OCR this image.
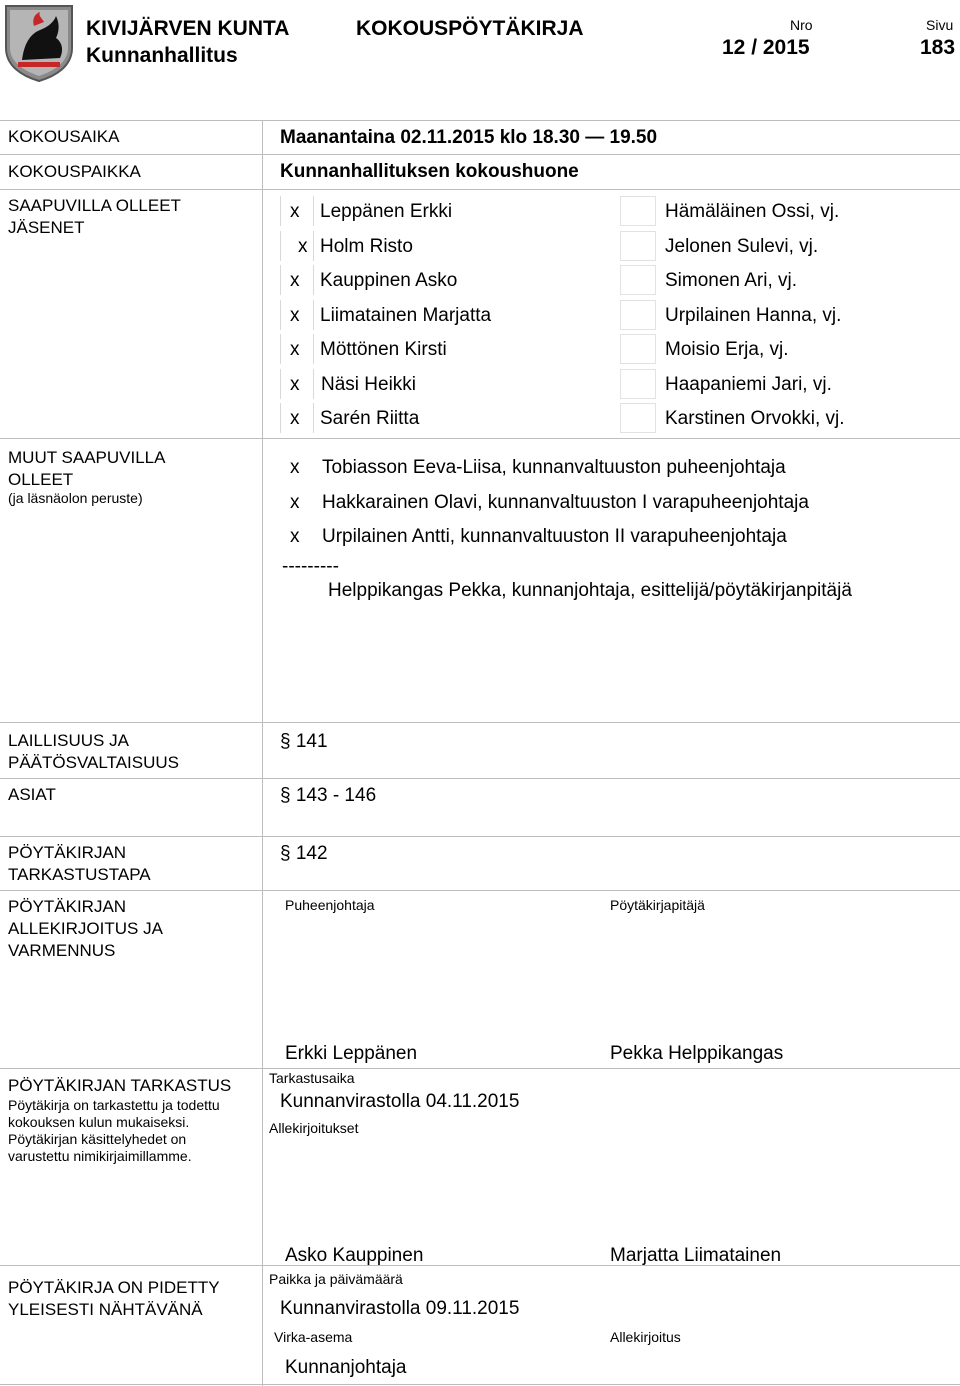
KIVIJÄRVEN KUNTA
Kunnanhallitus
KOKOUSPÖYTÄKIRJA	Nro
12 / 2015
Sivu
183
KOKOUSAIKA	Maanantaina 02.11.2015 klo 18.30 — 19.50
KOKOUSPAIKKA	Kunnanhallituksen kokoushuone
SAAPUVILLA OLLEET
JÄSENET
x Leppänen Erkki	Hämäläinen Ossi, vj.
x Holm Risto	Jelonen Sulevi, vj.
x Kauppinen Asko	Simonen Ari, vj.
x Liimatainen Marjatta	Urpilainen Hanna, vj.
x Möttönen Kirsti	Moisio Erja, vj.
x Näsi Heikki	Haapaniemi Jari, vj.
x Sarén Riitta	Karstinen Orvokki, vj.
MUUT SAAPUVILLA
OLLEET
(ja läsnäolon peruste)
x Tobiasson Eeva-Liisa, kunnanvaltuuston puheenjohtaja
x Hakkarainen Olavi, kunnanvaltuuston I varapuheenjohtaja
x Urpilainen Antti, kunnanvaltuuston II varapuheenjohtaja
---------
Helppikangas Pekka, kunnanjohtaja, esittelijä/pöytäkirjanpitäjä
LAILLISUUS JA
PÄÄTÖSVALTAISUUS
§ 141
ASIAT	§ 143 - 146
PÖYTÄKIRJAN
TARKASTUSTAPA
§ 142
PÖYTÄKIRJAN
ALLEKIRJOITUS JA
VARMENNUS
Puheenjohtaja	Pöytäkirjapitäjä
Erkki Leppänen	Pekka Helppikangas
PÖYTÄKIRJAN TARKASTUS
Pöytäkirja on tarkastettu ja todettu
kokouksen kulun mukaiseksi.
Pöytäkirjan käsittelyhedet on
varustettu nimikirjaimillamme.
Tarkastusaika
Kunnanvirastolla 04.11.2015
Allekirjoitukset
Asko Kauppinen	Marjatta Liimatainen
PÖYTÄKIRJA ON PIDETTY
YLEISESTI NÄHTÄVÄNÄ
Paikka ja päivämäärä
Kunnanvirastolla 09.11.2015
Virka-asema	Allekirjoitus
Kunnanjohtaja
